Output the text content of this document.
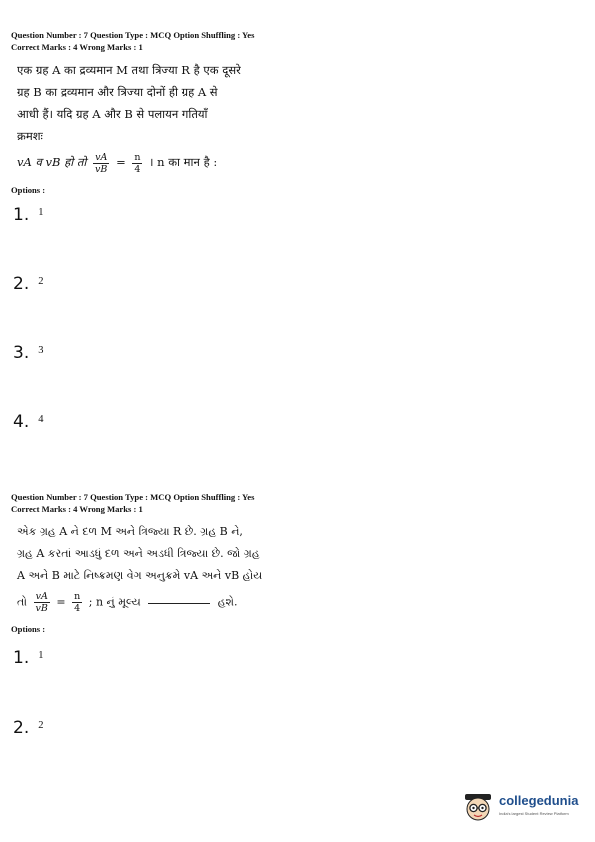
Question Number : 7 Question Type : MCQ Option Shuffling : Yes
Correct Marks : 4 Wrong Marks : 1
एक ग्रह A का द्रव्यमान M तथा त्रिज्या R है एक दूसरे
ग्रह B का द्रव्यमान और त्रिज्या दोनों ही ग्रह A से
आधी हैं। यदि ग्रह A और B से पलायन गतियाँ
क्रमशः
vA व vB हो तो $\frac{vA}{vB} = \frac{n}{4}$ । n का मान है :
Options :
1. $^1$
2. $^2$
3. $^3$
4. $^4$
Question Number : 7 Question Type : MCQ Option Shuffling : Yes
Correct Marks : 4 Wrong Marks : 1
એક ગ્રહ A ને દળ M અને ત્રિજ્યા R છે. ગ્રહ B ને,
ગ્રહ A કરતાં આડધું દળ અને અડધી ત્રિજ્યા છે. જો ગ્રહ
A અને B માટે નિષ્ક્રમણ વેગ અનુક્રમે vA અને vB હોય
તો $\frac{vA}{vB} = \frac{n}{4}$ ; n નું મૂલ્ય	હશે.
Options :
1. $^1$
2. $^2$
collegedunia
India's largest Student Review Platform
